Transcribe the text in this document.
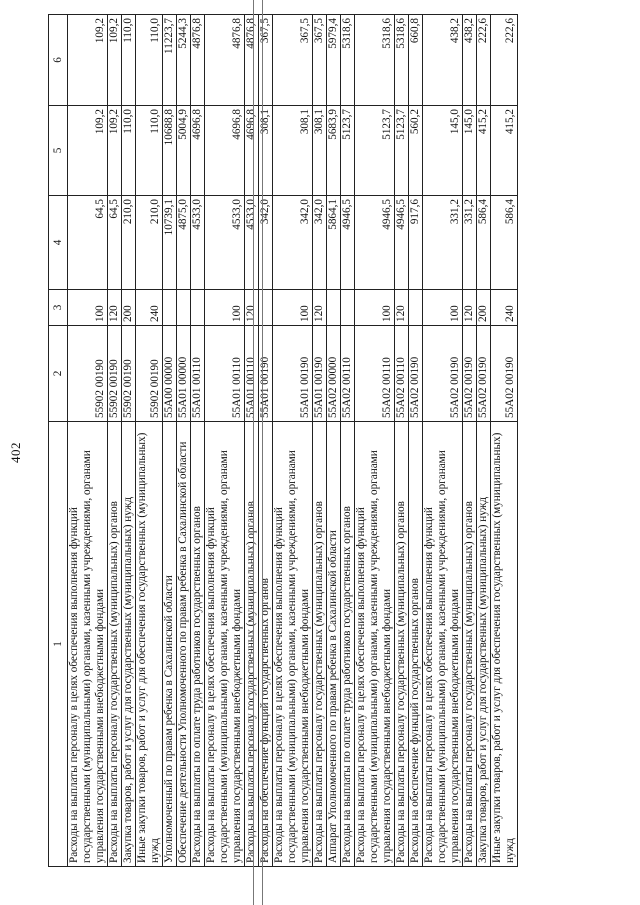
402
1	2	3	4	5	6
Расходы на выплаты персоналу в целях обеспечения выполнения функций государственными (муниципальными) органами, казенными учреждениями, органами управления государственными внебюджетными фондами	55902 00190	100	64,5	109,2	109,2
Расходы на выплаты персоналу государственных (муниципальных) органов	55902 00190	120	64,5	109,2	109,2
Закупка товаров, работ и услуг для государственных (муниципальных) нужд	55902 00190	200	210,0	110,0	110,0
Иные закупки товаров, работ и услуг для обеспечения государственных (муниципальных) нужд	55902 00190	240	210,0	110,0	110,0
Уполномоченный по правам ребенка в Сахалинской области	55А00 00000		10739,1	10688,8	11223,7
Обеспечение деятельности Уполномоченного по правам ребенка в Сахалинской области	55А01 00000		4875,0	5004,9	5244,3
Расходы на выплаты по оплате труда работников государственных органов	55А01 00110		4533,0	4696,8	4876,8
Расходы на выплаты персоналу в целях обеспечения выполнения функций государственными (муниципальными) органами, казенными учреждениями, органами управления государственными внебюджетными фондами	55А01 00110	100	4533,0	4696,8	4876,8
Расходы на выплаты персоналу государственных (муниципальных) органов	55А01 00110	120	4533,0	4696,8	4876,8
Расходы на обеспечение функций государственных органов	55А01 00190		342,0	308,1	367,5
Расходы на выплаты персоналу в целях обеспечения выполнения функций государственными (муниципальными) органами, казенными учреждениями, органами управления государственными внебюджетными фондами	55А01 00190	100	342,0	308,1	367,5
Расходы на выплаты персоналу государственных (муниципальных) органов	55А01 00190	120	342,0	308,1	367,5
Аппарат Уполномоченного по правам ребенка в Сахалинской области	55А02 00000		5864,1	5683,9	5979,4
Расходы на выплаты по оплате труда работников государственных органов	55А02 00110		4946,5	5123,7	5318,6
Расходы на выплаты персоналу в целях обеспечения выполнения функций государственными (муниципальными) органами, казенными учреждениями, органами управления государственными внебюджетными фондами	55А02 00110	100	4946,5	5123,7	5318,6
Расходы на выплаты персоналу государственных (муниципальных) органов	55А02 00110	120	4946,5	5123,7	5318,6
Расходы на обеспечение функций государственных органов	55А02 00190		917,6	560,2	660,8
Расходы на выплаты персоналу в целях обеспечения выполнения функций государственными (муниципальными) органами, казенными учреждениями, органами управления государственными внебюджетными фондами	55А02 00190	100	331,2	145,0	438,2
Расходы на выплаты персоналу государственных (муниципальных) органов	55А02 00190	120	331,2	145,0	438,2
Закупка товаров, работ и услуг для государственных (муниципальных) нужд	55А02 00190	200	586,4	415,2	222,6
Иные закупки товаров, работ и услуг для обеспечения государственных (муниципальных) нужд	55А02 00190	240	586,4	415,2	222,6
